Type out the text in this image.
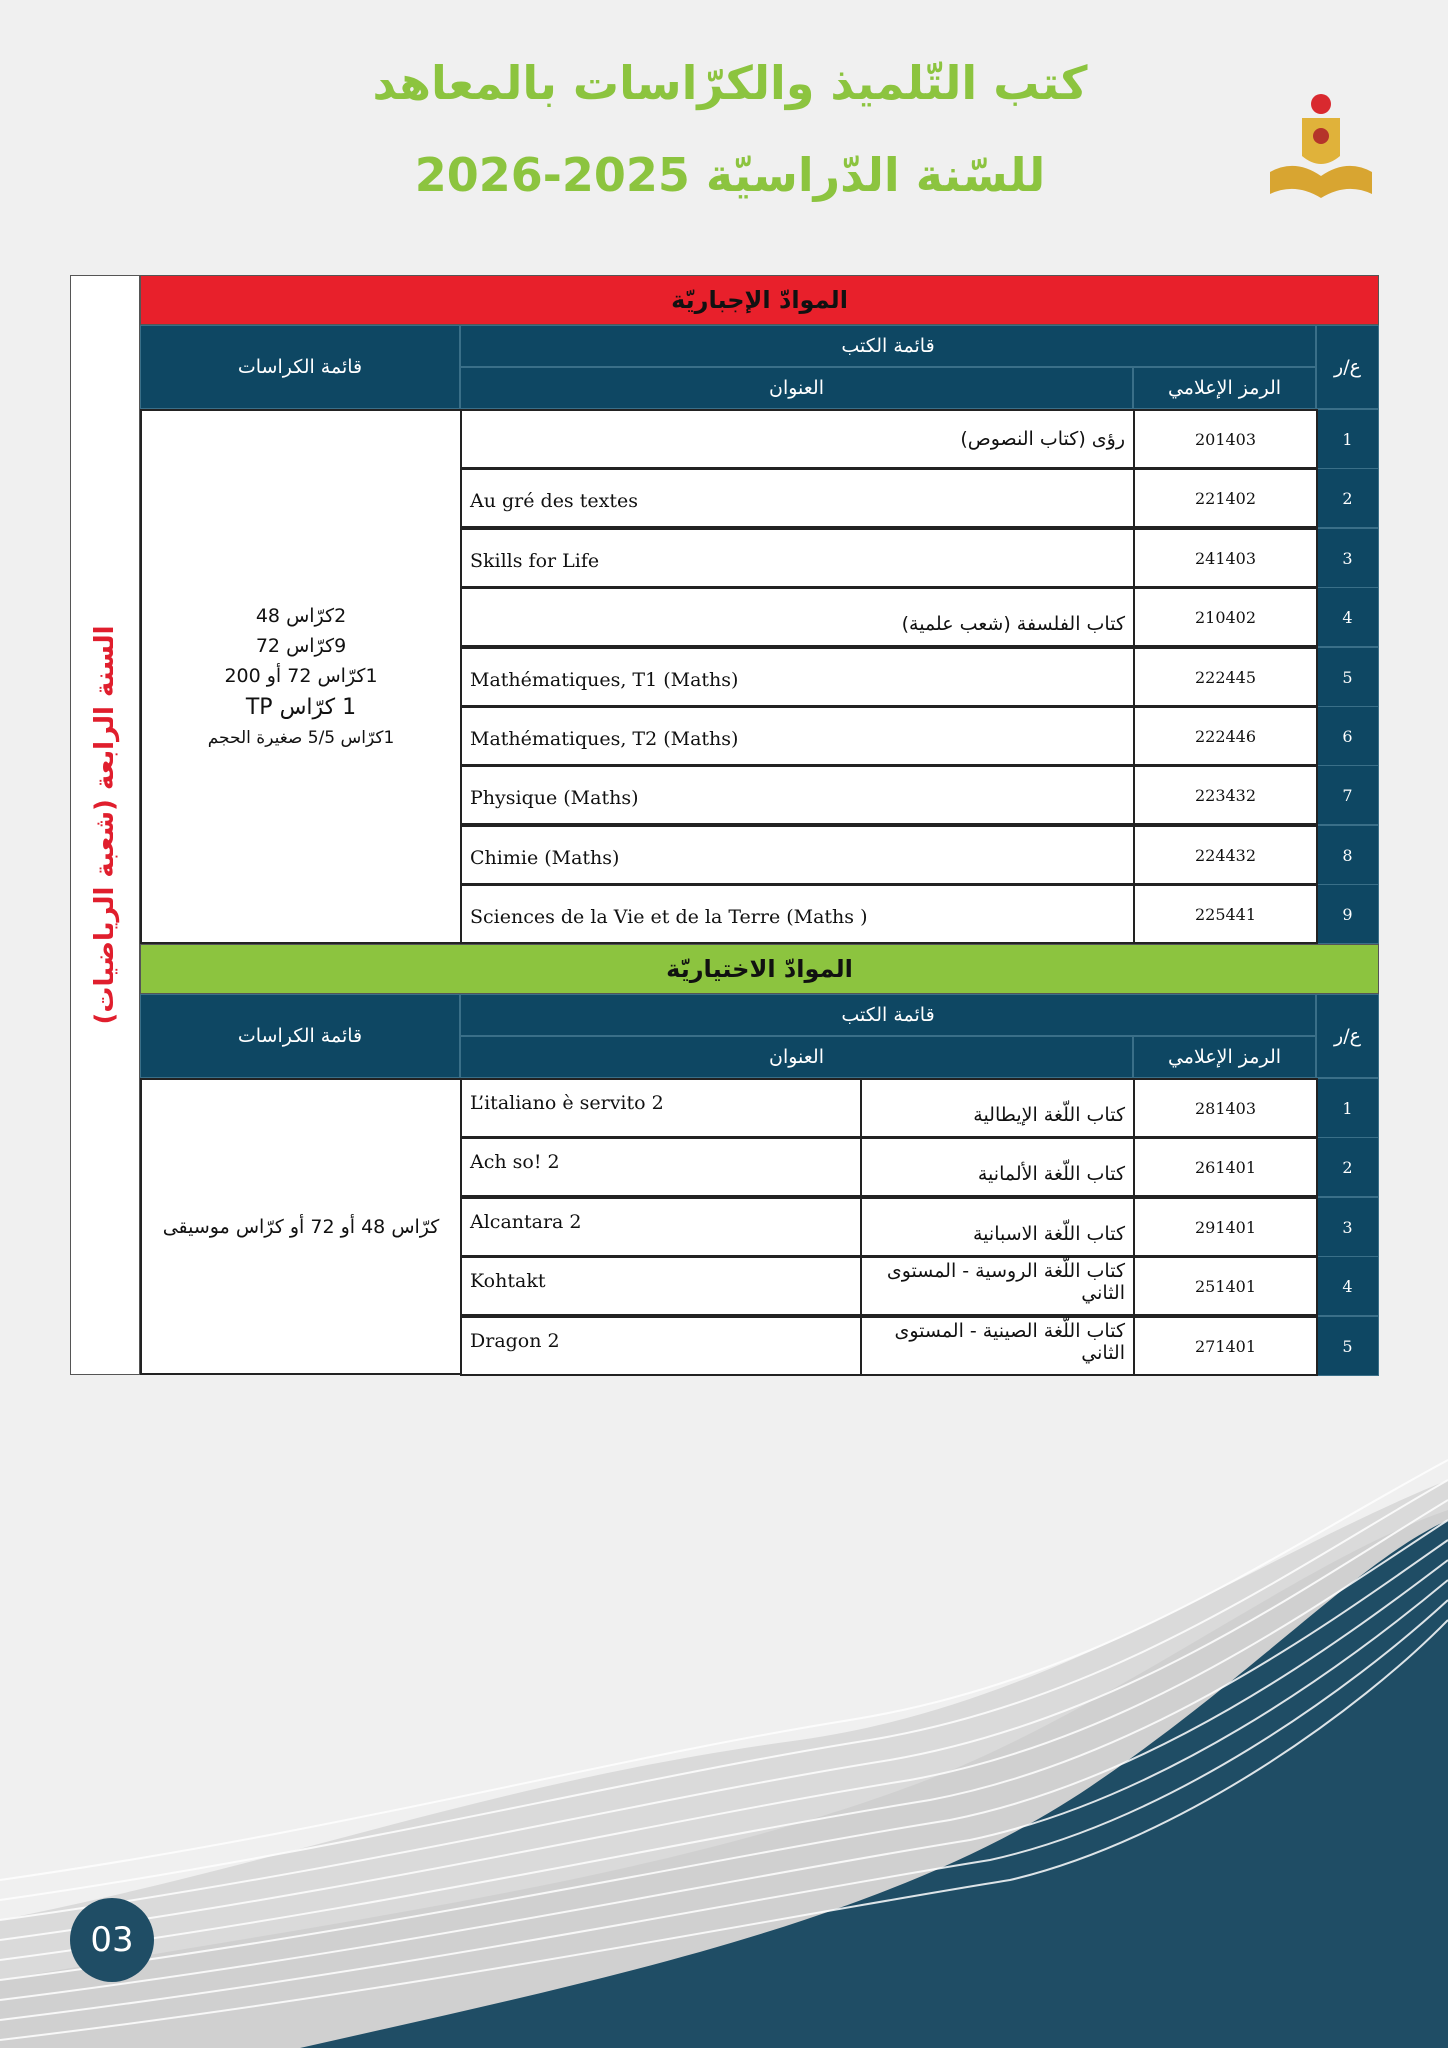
كتب التّلميذ والكرّاسات بالمعاهد
للسّنة الدّراسيّة 2025-2026
السنة الرابعة (شعبة الرياضيات)
الموادّ الإجباريّة
قائمة الكراسات
قائمة الكتب
العنوان	الرمز الإعلامي
ع/ر
1
201403
رؤى (كتاب النصوص)
2
221402
Au gré des textes
3
241403
Skills for Life
4
210402
كتاب الفلسفة (شعب علمية)
5
222445
Mathématiques, T1 (Maths)
6
222446
Mathématiques, T2 (Maths)
7
223432
Physique (Maths)
8
224432
Chimie (Maths)
9
225441
Sciences de la Vie et de la Terre (Maths )
2كرّاس 48
9كرّاس 72
1كرّاس 72 أو 200
1 كرّاس TP
1كرّاس 5/5 صغيرة الحجم
الموادّ الاختياريّة
قائمة الكراسات
قائمة الكتب
العنوان	الرمز الإعلامي
ع/ر
1
281403
كتاب اللّغة الإيطالية
L’italiano è servito 2
2
261401
كتاب اللّغة الألمانية
Ach so! 2
3
291401
كتاب اللّغة الاسبانية
Alcantara 2
4
251401
كتاب اللّغة الروسية - المستوى الثاني
Kohtakt
5
271401
كتاب اللّغة الصينية - المستوى الثاني
Dragon 2
كرّاس 48 أو 72 أو كرّاس موسيقى
03
